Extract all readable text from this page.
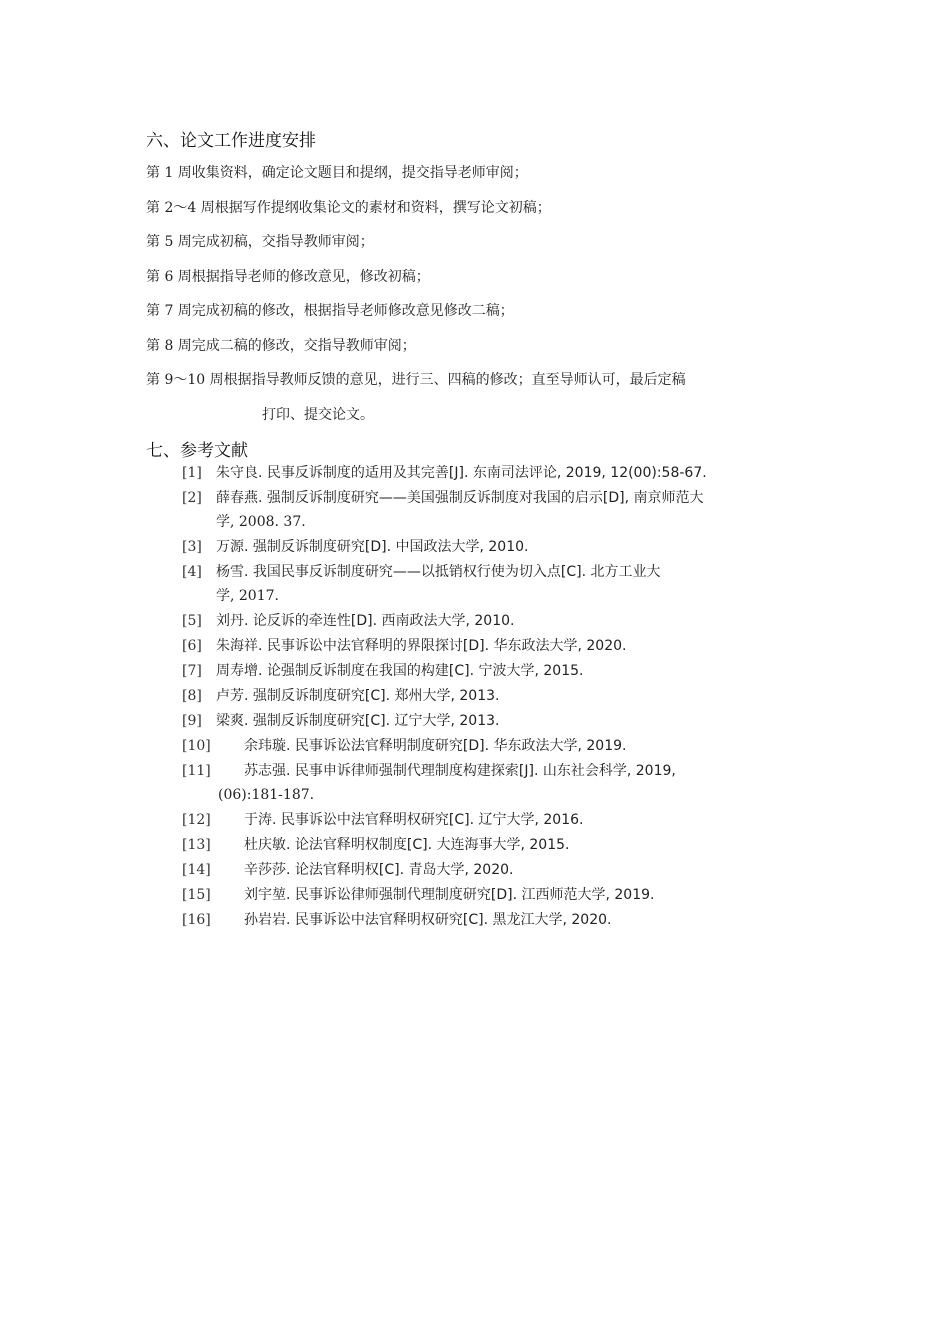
六、论文工作进度安排
第 1 周收集资料，确定论文题目和提纲，提交指导老师审阅；
第 2～4 周根据写作提纲收集论文的素材和资料，撰写论文初稿；
第 5 周完成初稿，交指导教师审阅；
第 6 周根据指导老师的修改意见，修改初稿；
第 7 周完成初稿的修改，根据指导老师修改意见修改二稿；
第 8 周完成二稿的修改，交指导教师审阅；
第 9～10 周根据指导教师反馈的意见，进行三、四稿的修改；直至导师认可，最后定稿
打印、提交论文。
七、参考文献
[1] 朱守良. 民事反诉制度的适用及其完善[J]. 东南司法评论, 2019, 12(00):58-67.
[2] 薛春燕. 强制反诉制度研究——美国强制反诉制度对我国的启示[D], 南京师范大
学, 2008. 37.
[3] 万源. 强制反诉制度研究[D]. 中国政法大学, 2010.
[4] 杨雪. 我国民事反诉制度研究——以抵销权行使为切入点[C]. 北方工业大
学, 2017.
[5] 刘丹. 论反诉的牵连性[D]. 西南政法大学, 2010.
[6] 朱海祥. 民事诉讼中法官释明的界限探讨[D]. 华东政法大学, 2020.
[7] 周寿增. 论强制反诉制度在我国的构建[C]. 宁波大学, 2015.
[8] 卢芳. 强制反诉制度研究[C]. 郑州大学, 2013.
[9] 梁爽. 强制反诉制度研究[C]. 辽宁大学, 2013.
[10] 余玮璇. 民事诉讼法官释明制度研究[D]. 华东政法大学, 2019.
[11] 苏志强. 民事申诉律师强制代理制度构建探索[J]. 山东社会科学, 2019,
(06):181-187.
[12] 于涛. 民事诉讼中法官释明权研究[C]. 辽宁大学, 2016.
[13] 杜庆敏. 论法官释明权制度[C]. 大连海事大学, 2015.
[14] 辛莎莎. 论法官释明权[C]. 青岛大学, 2020.
[15] 刘宇堃. 民事诉讼律师强制代理制度研究[D]. 江西师范大学, 2019.
[16] 孙岩岩. 民事诉讼中法官释明权研究[C]. 黑龙江大学, 2020.
